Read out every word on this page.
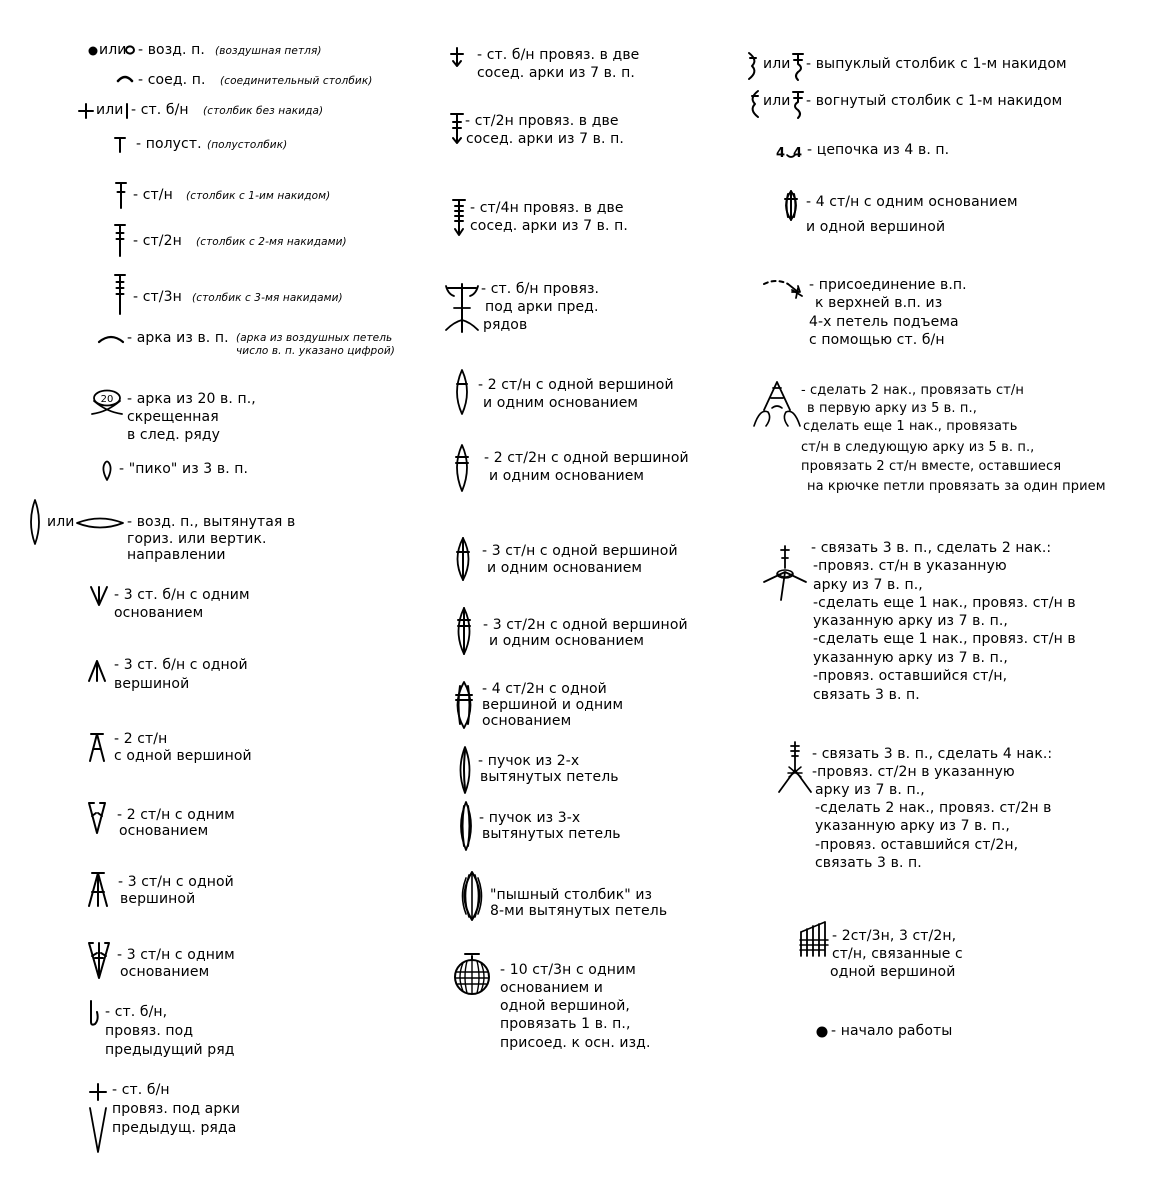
или - возд. п. (воздушная петля)
- соед. п. (соединительный столбик)
или - ст. б/н (столбик без накида)
- полуст. (полустолбик)
- ст/н (столбик с 1-им накидом)
- ст/2н (столбик с 2-мя накидами)
- ст/3н (столбик с 3-мя накидами)
- арка из в. п. (арка из воздушных петель
число в. п. указано цифрой)
20 - арка из 20 в. п.,
скрещенная
в след. ряду
- "пико" из 3 в. п.
или	- возд. п., вытянутая в
гориз. или вертик.
направлении
- 3 ст. б/н с одним
основанием
- 3 ст. б/н с одной
вершиной
- 2 ст/н
с одной вершиной
- 2 ст/н с одним
основанием
- 3 ст/н с одной
вершиной
- 3 ст/н с одним
основанием
- ст. б/н,
провяз. под
предыдущий ряд
- ст. б/н
провяз. под арки
предыдущ. ряда
- ст. б/н провяз. в две
сосед. арки из 7 в. п.
- ст/2н провяз. в две
сосед. арки из 7 в. п.
- ст/4н провяз. в две
сосед. арки из 7 в. п.
- ст. б/н провяз.
под арки пред.
рядов
- 2 ст/н с одной вершиной
и одним основанием
- 2 ст/2н с одной вершиной
и одним основанием
- 3 ст/н с одной вершиной
и одним основанием
- 3 ст/2н с одной вершиной
и одним основанием
- 4 ст/2н с одной
вершиной и одним
основанием
- пучок из 2-х
вытянутых петель
- пучок из 3-х
вытянутых петель
"пышный столбик" из
8-ми вытянутых петель
- 10 ст/3н с одним
основанием и
одной вершиной,
провязать 1 в. п.,
присоед. к осн. изд.
или - выпуклый столбик с 1-м накидом
или - вогнутый столбик с 1-м накидом
4 4 - цепочка из 4 в. п.
- 4 ст/н с одним основанием
и одной вершиной
- присоединение в.п.
к верхней в.п. из
4-х петель подъема
с помощью ст. б/н
- сделать 2 нак., провязать ст/н
в первую арку из 5 в. п.,
сделать еще 1 нак., провязать
ст/н в следующую арку из 5 в. п.,
провязать 2 ст/н вместе, оставшиеся
на крючке петли провязать за один прием
- связать 3 в. п., сделать 2 нак.:
-провяз. ст/н в указанную
арку из 7 в. п.,
-сделать еще 1 нак., провяз. ст/н в
указанную арку из 7 в. п.,
-сделать еще 1 нак., провяз. ст/н в
указанную арку из 7 в. п.,
-провяз. оставшийся ст/н,
связать 3 в. п.
- связать 3 в. п., сделать 4 нак.:
-провяз. ст/2н в указанную
арку из 7 в. п.,
-сделать 2 нак., провяз. ст/2н в
указанную арку из 7 в. п.,
-провяз. оставшийся ст/2н,
связать 3 в. п.
- 2ст/3н, 3 ст/2н,
ст/н, связанные с
одной вершиной
- начало работы
